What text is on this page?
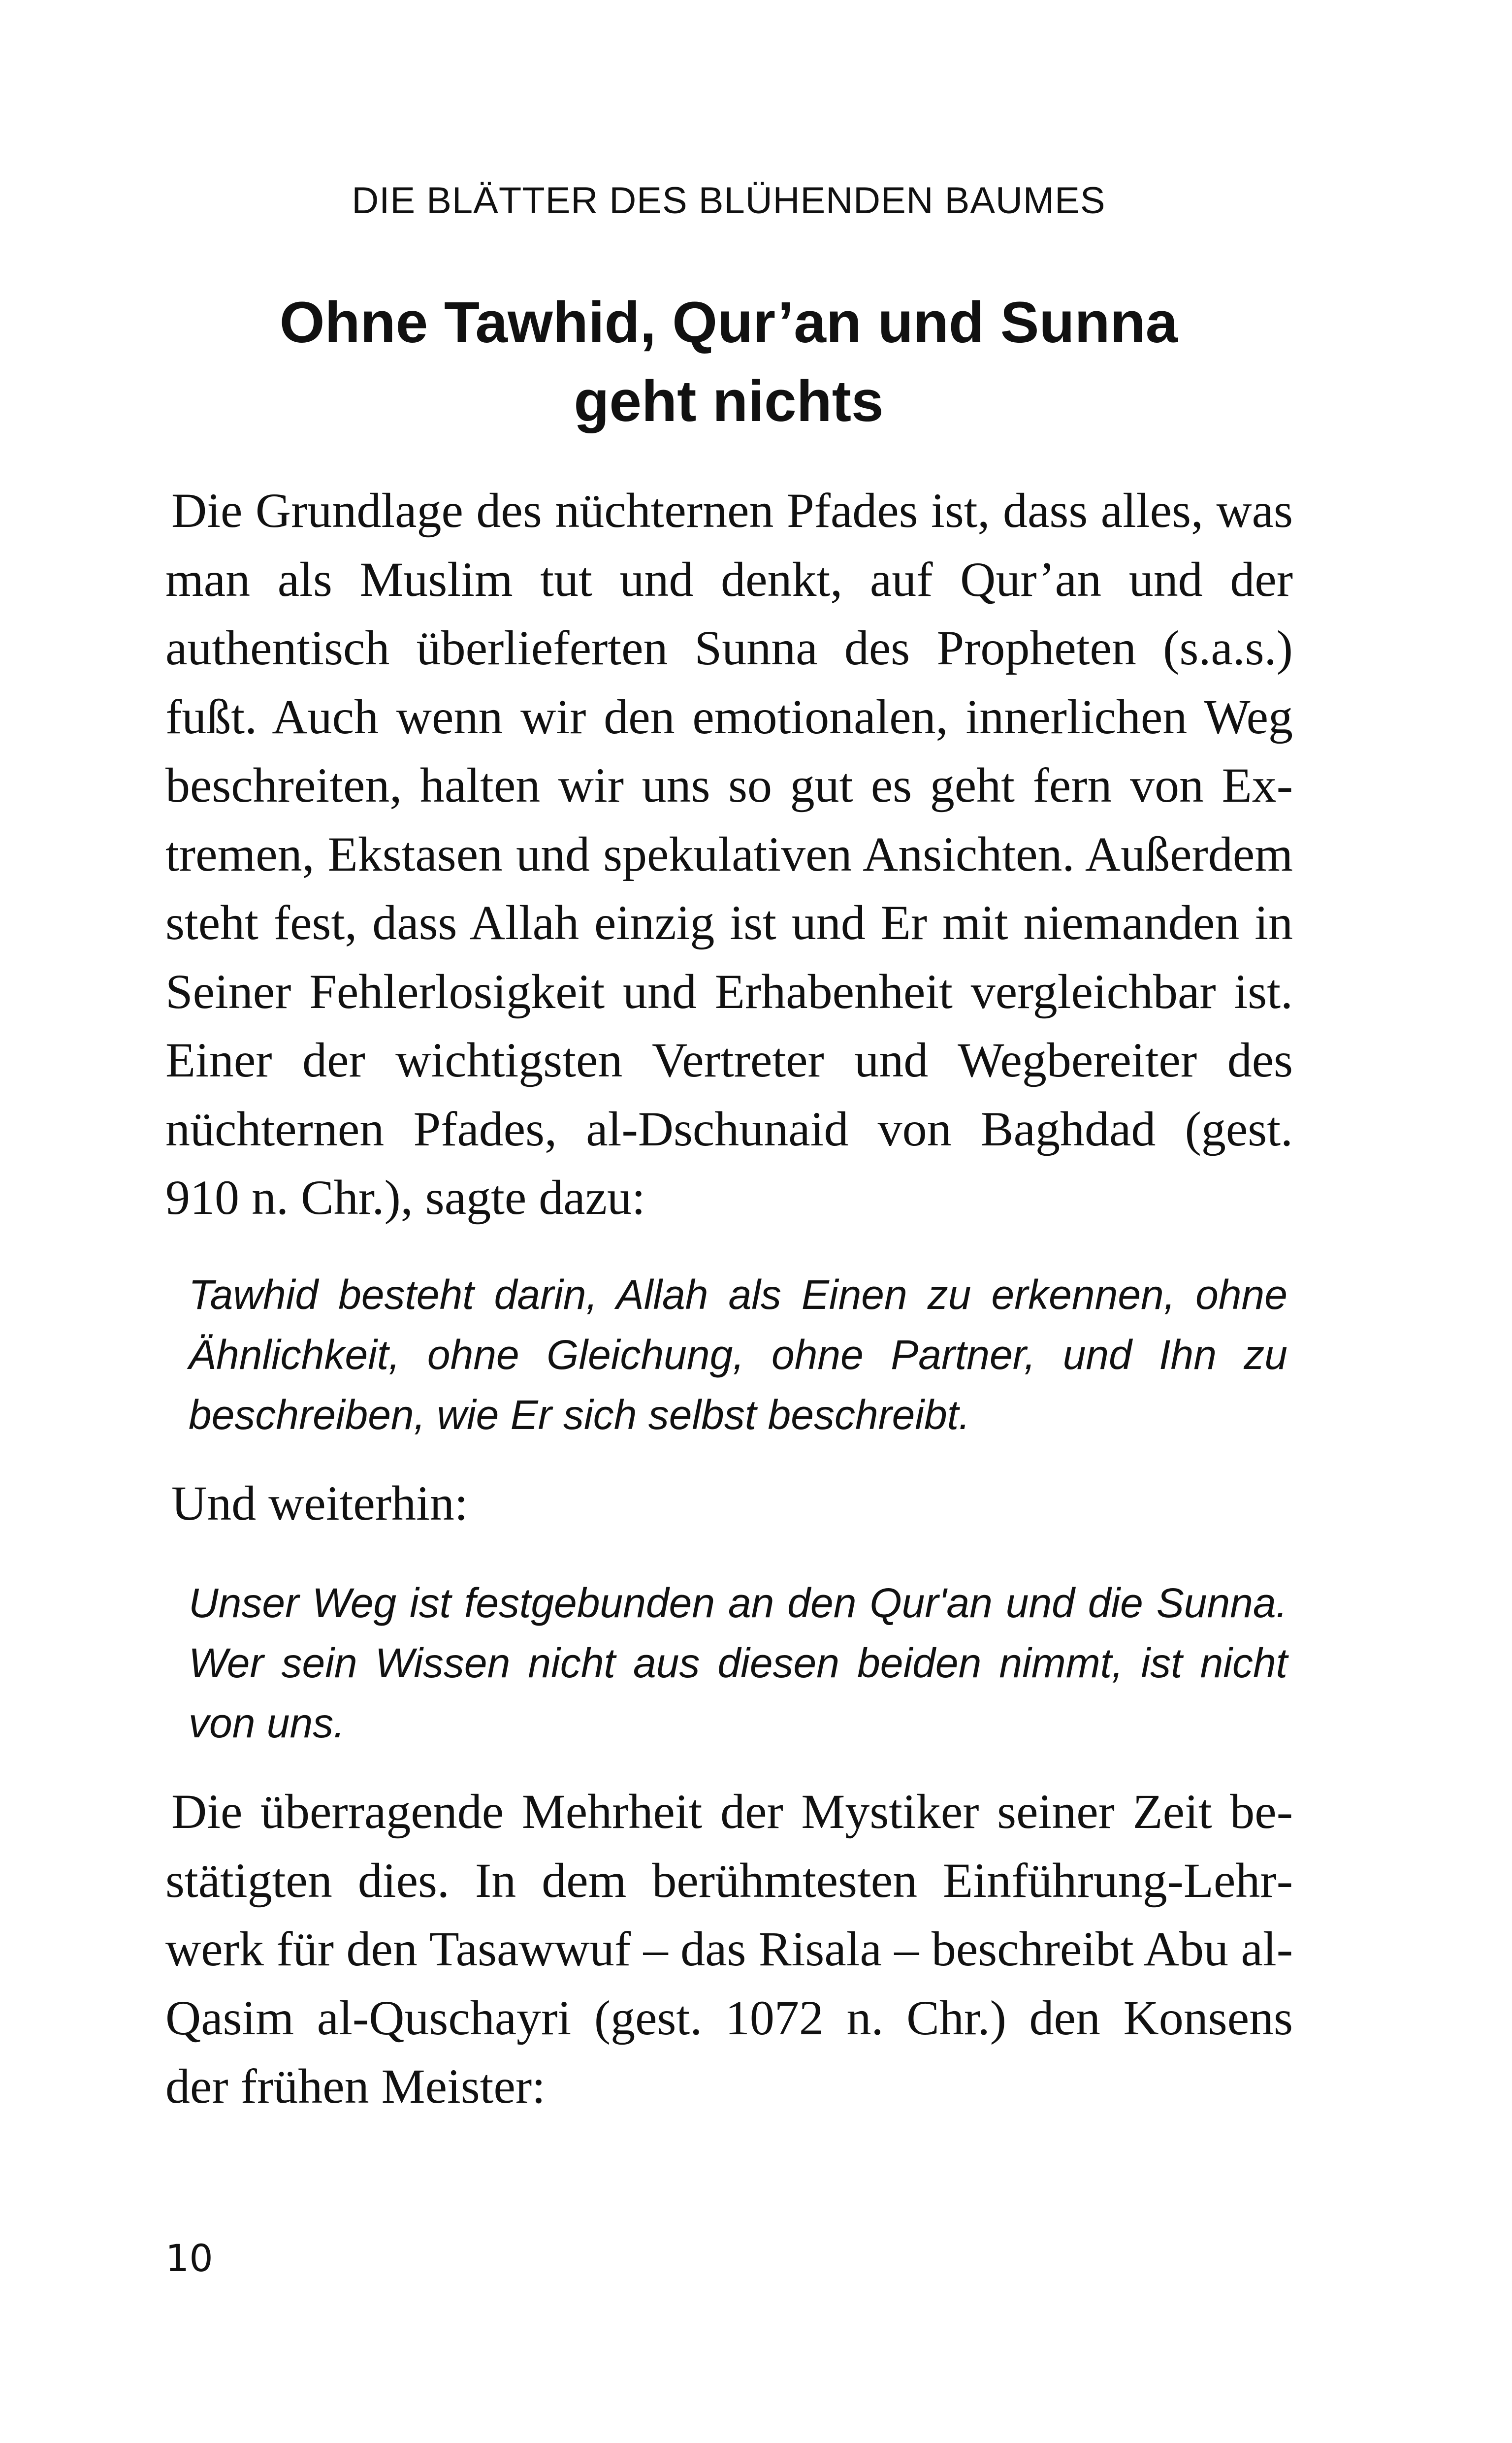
DIE BLÄTTER DES BLÜHENDEN BAUMES
Ohne Tawhid, Qur’an und Sunna
geht nichts

Die Grundlage des nüchternen Pfades ist, dass alles, was man als Muslim tut und denkt, auf Qur’an und der authentisch überlieferten Sunna des Propheten (s.a.s.) fußt. Auch wenn wir den emotionalen, innerlichen Weg beschreiten, halten wir uns so gut es geht fern von Extremen, Ekstasen und spekulativen Ansichten. Außerdem steht fest, dass Allah einzig ist und Er mit niemanden in Seiner Fehlerlosigkeit und Erhabenheit vergleichbar ist. Einer der wichtigsten Vertreter und Wegbereiter des nüchternen Pfades, al-Dschunaid von Baghdad (gest. 910 n. Chr.), sagte dazu:

Tawhid besteht darin, Allah als Einen zu erkennen, ohne Ähnlichkeit, ohne Gleichung, ohne Partner, und Ihn zu beschreiben, wie Er sich selbst beschreibt.

Und weiterhin:

Unser Weg ist festgebunden an den Qur'an und die Sunna. Wer sein Wissen nicht aus diesen beiden nimmt, ist nicht von uns.

Die überragende Mehrheit der Mystiker seiner Zeit bestätigten dies. In dem berühmtesten Einführung-Lehrwerk für den Tasawwuf – das Risala – beschreibt Abu al-Qasim al-Quschayri (gest. 1072 n. Chr.) den Konsens der frühen Meister:

10
